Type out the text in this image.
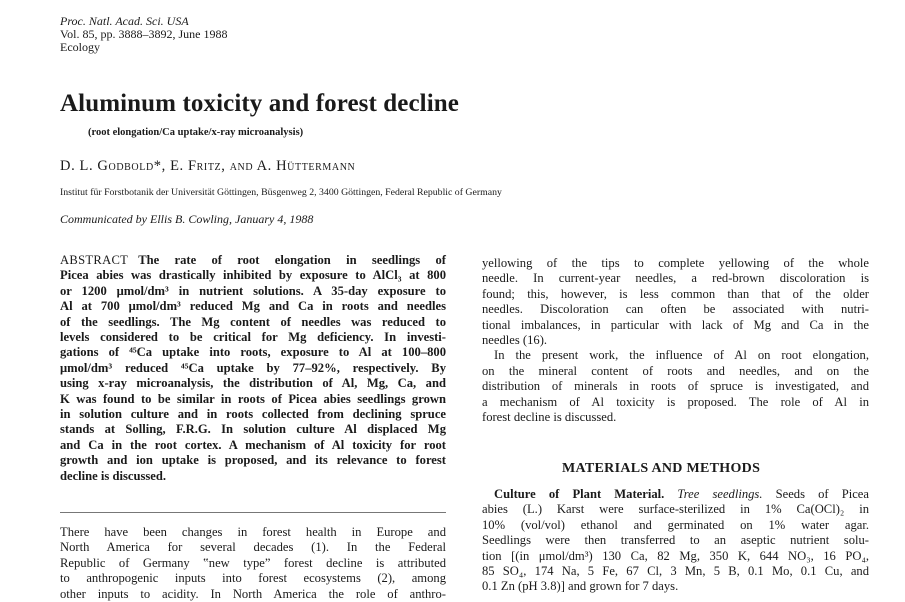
Proc. Natl. Acad. Sci. USA
Vol. 85, pp. 3888–3892, June 1988
Ecology
Aluminum toxicity and forest decline
(root elongation/Ca uptake/x-ray microanalysis)
D. L. Godbold*, E. Fritz, and A. Hüttermann
Institut für Forstbotanik der Universität Göttingen, Büsgenweg 2, 3400 Göttingen, Federal Republic of Germany
Communicated by Ellis B. Cowling, January 4, 1988
ABSTRACT The rate of root elongation in seedlings of
Picea abies was drastically inhibited by exposure to AlCl₃ at 800
or 1200 μmol/dm³ in nutrient solutions. A 35-day exposure to
Al at 700 μmol/dm³ reduced Mg and Ca in roots and needles
of the seedlings. The Mg content of needles was reduced to
levels considered to be critical for Mg deficiency. In investi-
gations of ⁴⁵Ca uptake into roots, exposure to Al at 100–800
μmol/dm³ reduced ⁴⁵Ca uptake by 77–92%, respectively. By
using x-ray microanalysis, the distribution of Al, Mg, Ca, and
K was found to be similar in roots of Picea abies seedlings grown
in solution culture and in roots collected from declining spruce
stands at Solling, F.R.G. In solution culture Al displaced Mg
and Ca in the root cortex. A mechanism of Al toxicity for root
growth and ion uptake is proposed, and its relevance to forest
decline is discussed.
There have been changes in forest health in Europe and
North America for several decades (1). In the Federal
Republic of Germany ‟new type” forest decline is attributed
to anthropogenic inputs into forest ecosystems (2), among
other inputs to acidity. In North America the role of anthro-
yellowing of the tips to complete yellowing of the whole
needle. In current-year needles, a red-brown discoloration is
found; this, however, is less common than that of the older
needles. Discoloration can often be associated with nutri-
tional imbalances, in particular with lack of Mg and Ca in the
needles (16).
In the present work, the influence of Al on root elongation,
on the mineral content of roots and needles, and on the
distribution of minerals in roots of spruce is investigated, and
a mechanism of Al toxicity is proposed. The role of Al in
forest decline is discussed.
MATERIALS AND METHODS
Culture of Plant Material. Tree seedlings. Seeds of Picea
abies (L.) Karst were surface-sterilized in 1% Ca(OCl)₂ in
10% (vol/vol) ethanol and germinated on 1% water agar.
Seedlings were then transferred to an aseptic nutrient solu-
tion [(in μmol/dm³) 130 Ca, 82 Mg, 350 K, 644 NO₃, 16 PO₄,
85 SO₄, 174 Na, 5 Fe, 67 Cl, 3 Mn, 5 B, 0.1 Mo, 0.1 Cu, and
0.1 Zn (pH 3.8)] and grown for 7 days.
